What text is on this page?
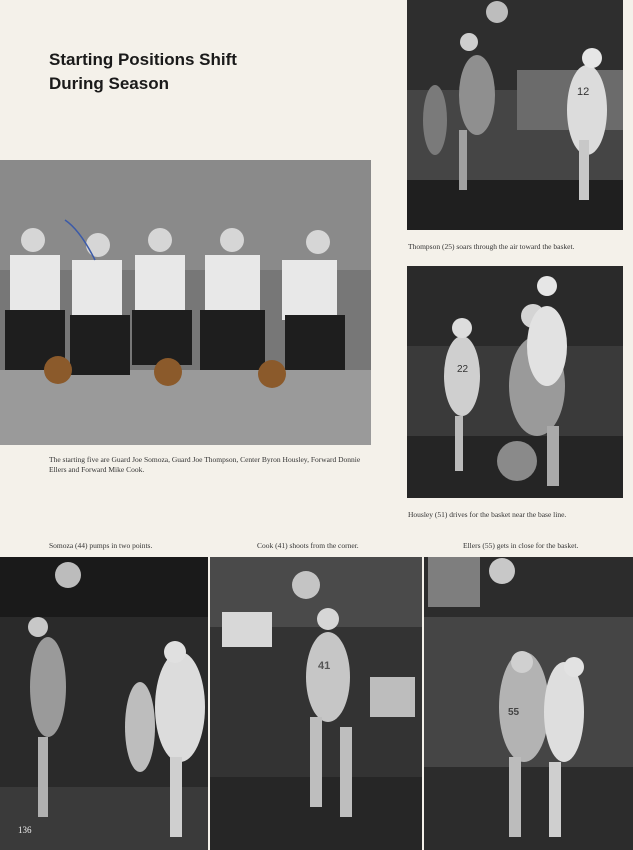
Starting Positions Shift
During Season	12
Thompson (25) soars through the air toward the basket.
The starting five are Guard Joe Somoza, Guard Joe Thompson, Center Byron Housley, Forward Donnie Ellers and Forward Mike Cook.
22
Housley (51) drives for the basket near the base line.
Somoza (44) pumps in two points.	Cook (41) shoots from the corner.	Ellers (55) gets in close for the basket.
136
41
55
